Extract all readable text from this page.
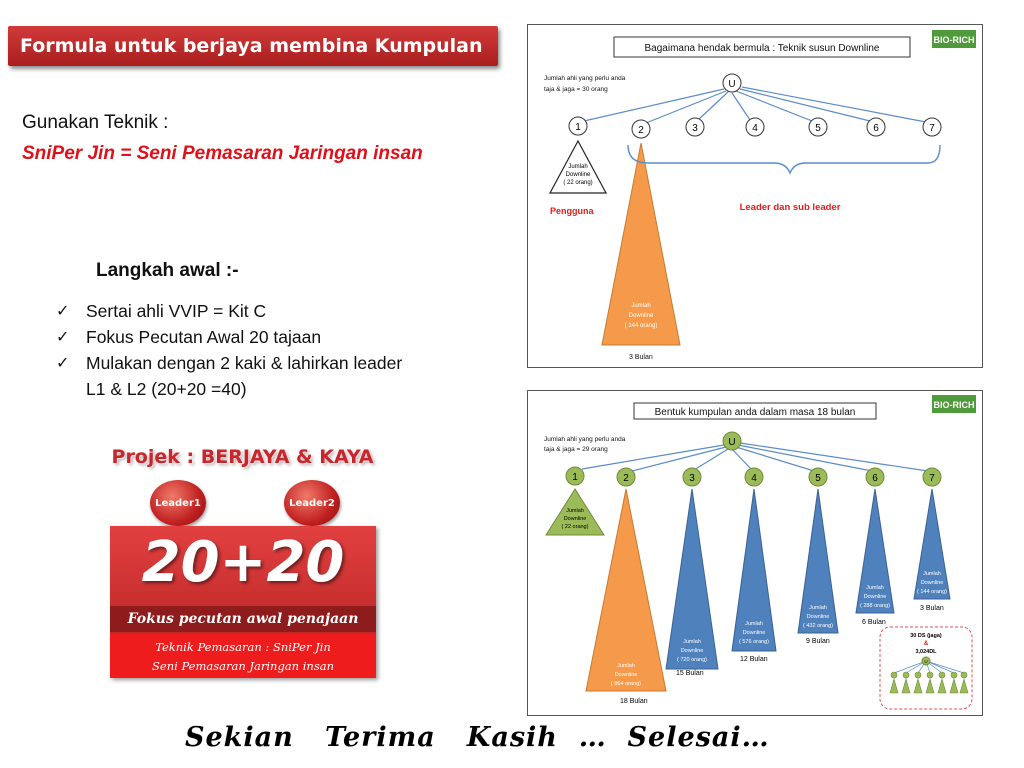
Formula untuk berjaya membina Kumpulan
Gunakan Teknik :
SniPer Jin = Seni Pemasaran Jaringan insan
Langkah awal :-
✓ Sertai ahli VVIP = Kit C
✓ Fokus Pecutan Awal 20 tajaan
✓ Mulakan dengan 2 kaki & lahirkan leader L1 & L2 (20+20 =40)
Projek : BERJAYA & KAYA
Leader1	Leader2
20+20
Fokus pecutan awal penajaan
Teknik Pemasaran : SniPer Jin
Seni Pemasaran Jaringan insan
Sekian   Terima   Kasih  …  Selesai…
Bagaimana hendak bermula : Teknik susun Downline
BIO-RICH
Jumlah ahli yang perlu anda
taja & jaga = 30 orang	U
1	2	3	4	5	6	7
Jumlah
Downline
( 22 orang)
Pengguna
Jumlah
Downline
( 144 orang)
3 Bulan
Leader dan sub leader
Bentuk kumpulan anda dalam masa 18 bulan
BIO-RICH
Jumlah ahli yang perlu anda
taja & jaga = 29 orang
U
1	2	3	4	5	6	7
Jumlah
Downline
( 22 orang)
Jumlah
Downline
( 864 orang)
18 Bulan
Jumlah
Downline
( 720 orang)
15 Bulan
Jumlah
Downline
( 576 orang)
12 Bulan
Jumlah
Downline
( 432 orang)
9 Bulan
Jumlah
Downline
( 288 orang)
6 Bulan
Jumlah
Downline
( 144 orang)
3 Bulan
30 DS (jaga)
&
3,024DL
U
